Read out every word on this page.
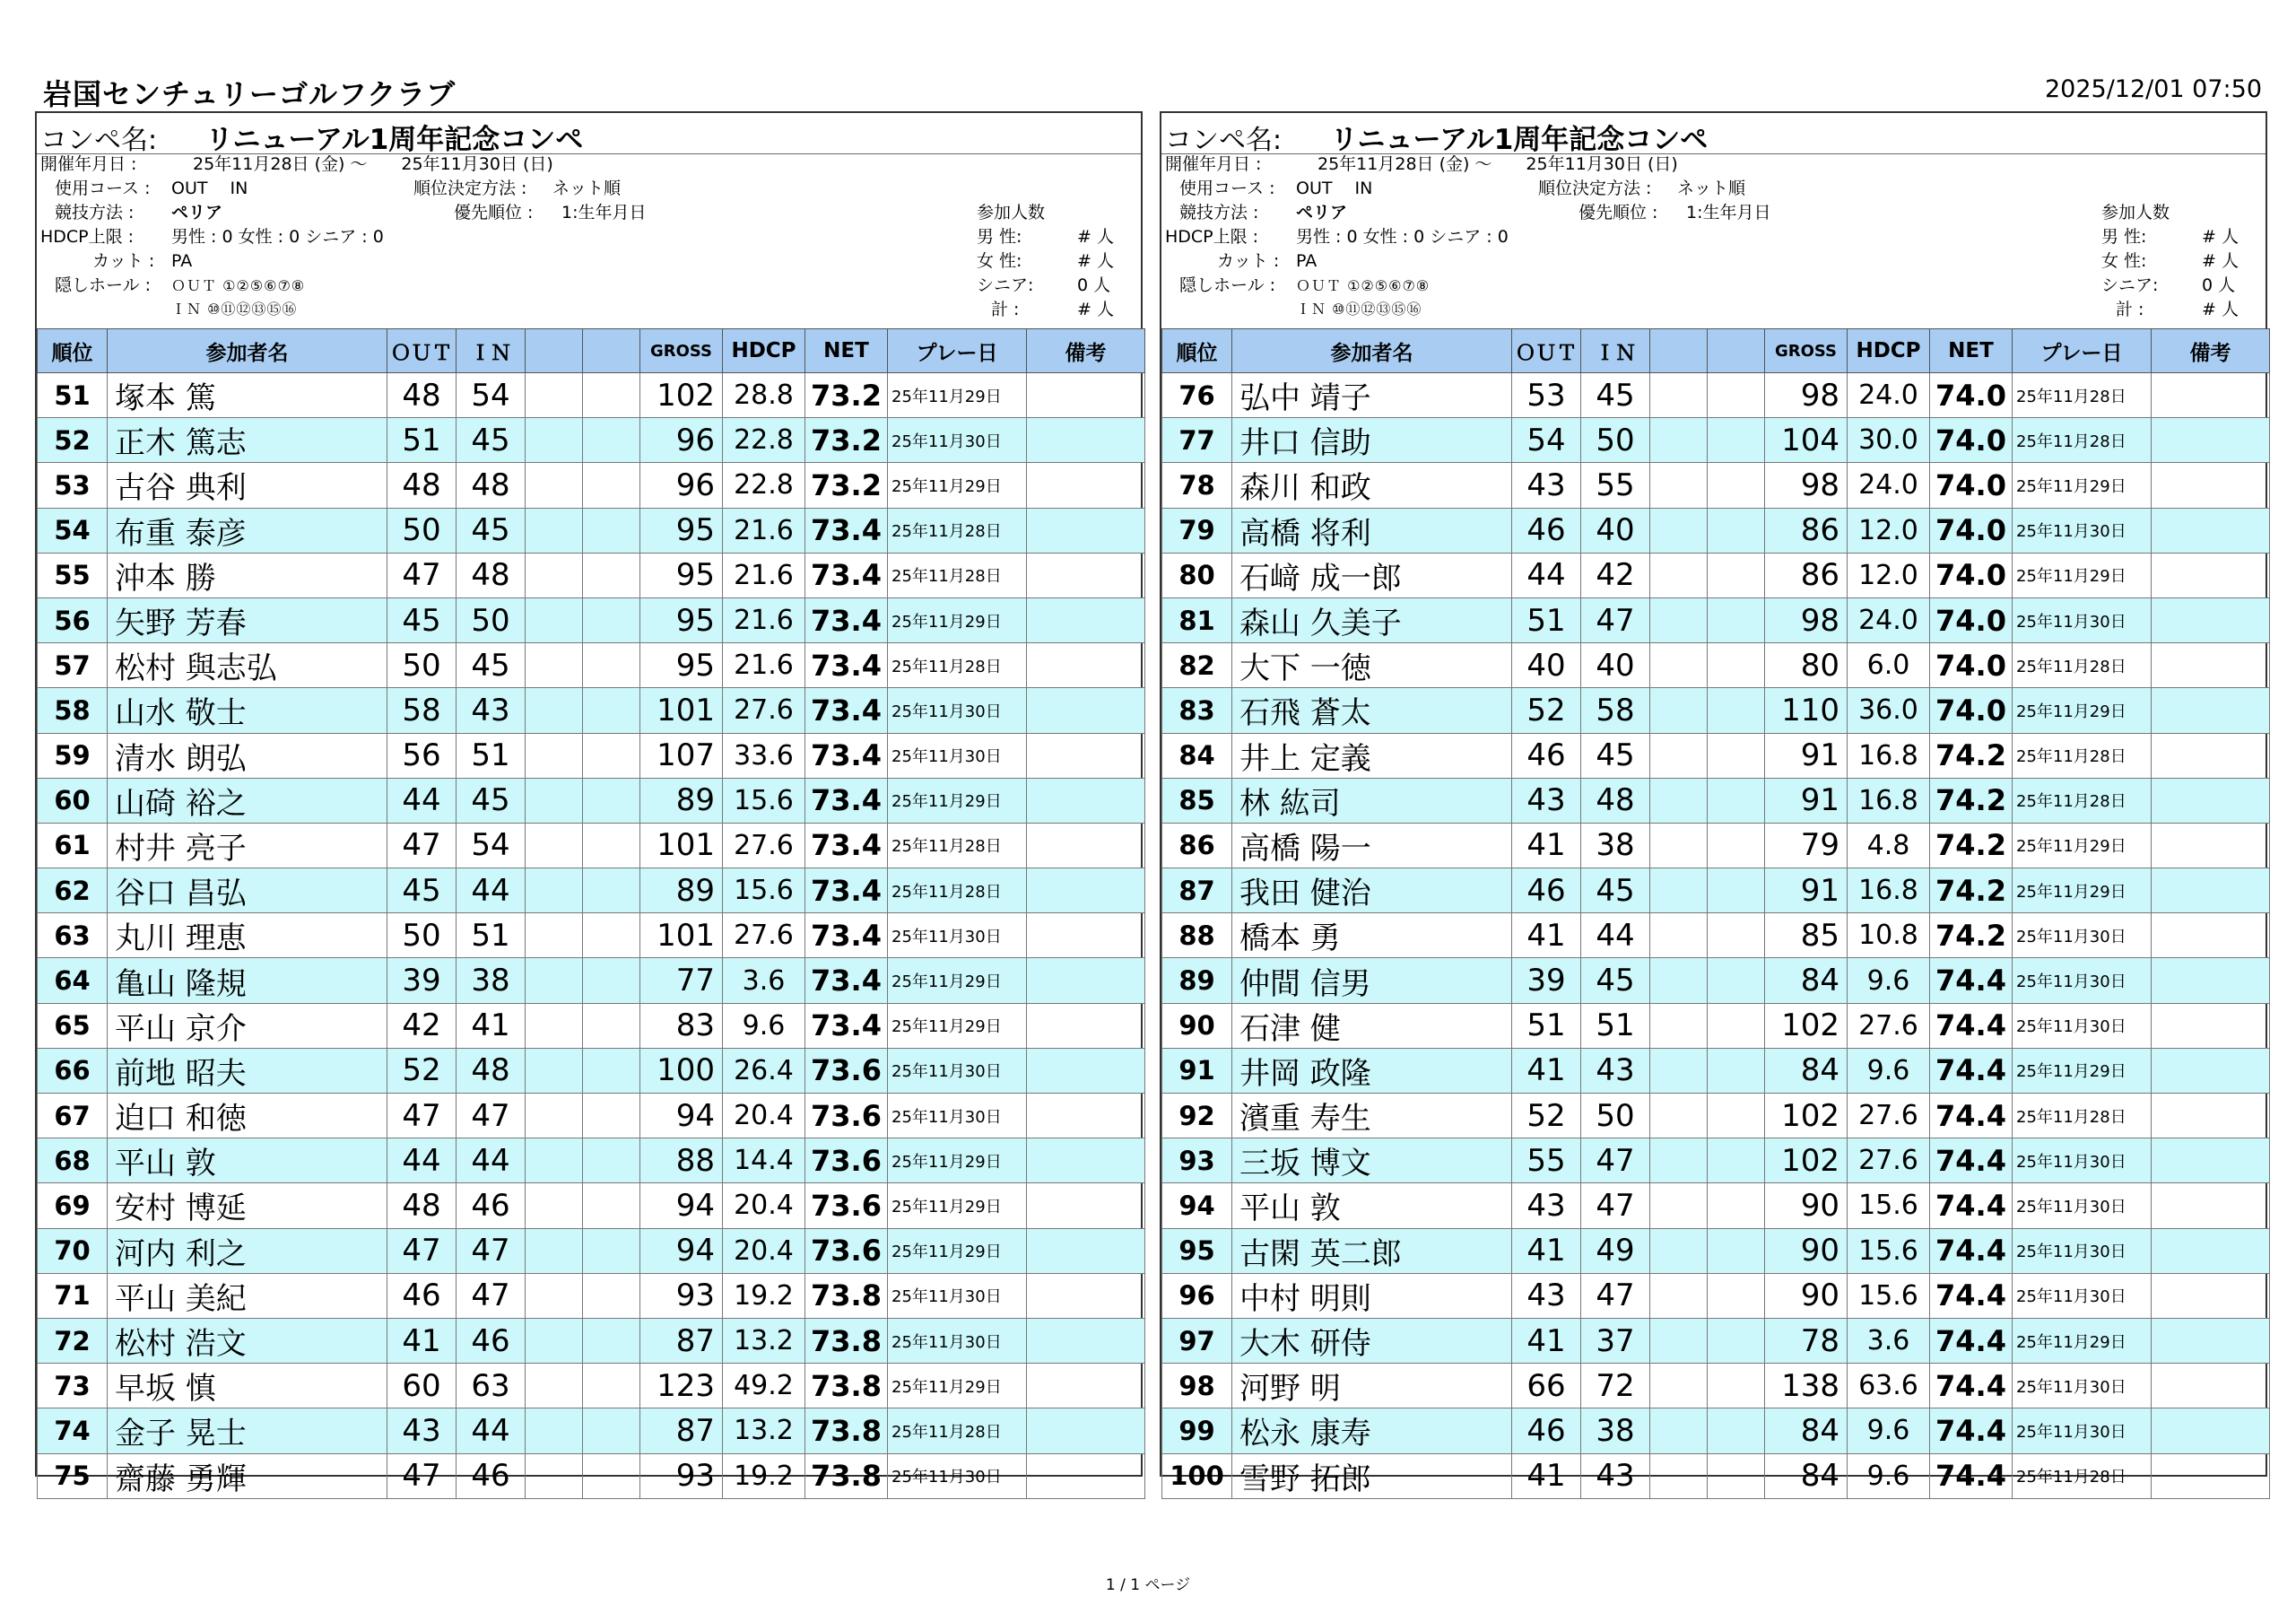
岩国センチュリーゴルフクラブ	2025/12/01 07:50
コンペ名: リニューアル1周年記念コンペ
開催年月日 :	25年11月28日 (金) ～　　25年11月30日 (日)
使用コース : OUT　 IN	順位決定方法 : ネット順
競技方法 : ペリア	優先順位 : 1:生年月日	参加人数
HDCP上限 : 男性 : 0 女性 : 0 シニア : 0	男 性:	# 人
カット : PA	女 性:	# 人
隠しホール : ＯＵＴ ①②⑤⑥⑦⑧	シニア:	0 人
ＩＮ ⑩⑪⑫⑬⑮⑯	計 :	# 人
順位	参加者名	ＯＵＴ	ＩＮ			GROSS	HDCP	NET	プレー日	備考
51	塚本 篤	48	54			102	28.8	73.2	25年11月29日	
52	正木 篤志	51	45			96	22.8	73.2	25年11月30日	
53	古谷 典利	48	48			96	22.8	73.2	25年11月29日	
54	布重 泰彦	50	45			95	21.6	73.4	25年11月28日	
55	沖本 勝	47	48			95	21.6	73.4	25年11月28日	
56	矢野 芳春	45	50			95	21.6	73.4	25年11月29日	
57	松村 與志弘	50	45			95	21.6	73.4	25年11月28日	
58	山水 敬士	58	43			101	27.6	73.4	25年11月30日	
59	清水 朗弘	56	51			107	33.6	73.4	25年11月30日	
60	山碕 裕之	44	45			89	15.6	73.4	25年11月29日	
61	村井 亮子	47	54			101	27.6	73.4	25年11月28日	
62	谷口 昌弘	45	44			89	15.6	73.4	25年11月28日	
63	丸川 理恵	50	51			101	27.6	73.4	25年11月30日	
64	亀山 隆規	39	38			77	3.6	73.4	25年11月29日	
65	平山 京介	42	41			83	9.6	73.4	25年11月29日	
66	前地 昭夫	52	48			100	26.4	73.6	25年11月30日	
67	迫口 和徳	47	47			94	20.4	73.6	25年11月30日	
68	平山 敦	44	44			88	14.4	73.6	25年11月29日	
69	安村 博延	48	46			94	20.4	73.6	25年11月29日	
70	河内 利之	47	47			94	20.4	73.6	25年11月29日	
71	平山 美紀	46	47			93	19.2	73.8	25年11月30日	
72	松村 浩文	41	46			87	13.2	73.8	25年11月30日	
73	早坂 慎	60	63			123	49.2	73.8	25年11月29日	
74	金子 晃士	43	44			87	13.2	73.8	25年11月28日	
75	齋藤 勇輝	47	46			93	19.2	73.8	25年11月30日	
コンペ名: リニューアル1周年記念コンペ
開催年月日 :	25年11月28日 (金) ～　　25年11月30日 (日)
使用コース : OUT　 IN	順位決定方法 : ネット順
競技方法 : ペリア	優先順位 : 1:生年月日	参加人数
HDCP上限 : 男性 : 0 女性 : 0 シニア : 0	男 性:	# 人
カット : PA	女 性:	# 人
隠しホール : ＯＵＴ ①②⑤⑥⑦⑧	シニア:	0 人
ＩＮ ⑩⑪⑫⑬⑮⑯	計 :	# 人
順位	参加者名	ＯＵＴ	ＩＮ			GROSS	HDCP	NET	プレー日	備考
76	弘中 靖子	53	45			98	24.0	74.0	25年11月28日	
77	井口 信助	54	50			104	30.0	74.0	25年11月28日	
78	森川 和政	43	55			98	24.0	74.0	25年11月29日	
79	高橋 将利	46	40			86	12.0	74.0	25年11月30日	
80	石﨑 成一郎	44	42			86	12.0	74.0	25年11月29日	
81	森山 久美子	51	47			98	24.0	74.0	25年11月30日	
82	大下 一徳	40	40			80	6.0	74.0	25年11月28日	
83	石飛 蒼太	52	58			110	36.0	74.0	25年11月29日	
84	井上 定義	46	45			91	16.8	74.2	25年11月28日	
85	林 紘司	43	48			91	16.8	74.2	25年11月28日	
86	高橋 陽一	41	38			79	4.8	74.2	25年11月29日	
87	我田 健治	46	45			91	16.8	74.2	25年11月29日	
88	橋本 勇	41	44			85	10.8	74.2	25年11月30日	
89	仲間 信男	39	45			84	9.6	74.4	25年11月30日	
90	石津 健	51	51			102	27.6	74.4	25年11月30日	
91	井岡 政隆	41	43			84	9.6	74.4	25年11月29日	
92	濱重 寿生	52	50			102	27.6	74.4	25年11月28日	
93	三坂 博文	55	47			102	27.6	74.4	25年11月30日	
94	平山 敦	43	47			90	15.6	74.4	25年11月30日	
95	古閑 英二郎	41	49			90	15.6	74.4	25年11月30日	
96	中村 明則	43	47			90	15.6	74.4	25年11月30日	
97	大木 研侍	41	37			78	3.6	74.4	25年11月29日	
98	河野 明	66	72			138	63.6	74.4	25年11月30日	
99	松永 康寿	46	38			84	9.6	74.4	25年11月30日	
100	雪野 拓郎	41	43			84	9.6	74.4	25年11月28日	
1 / 1 ページ
